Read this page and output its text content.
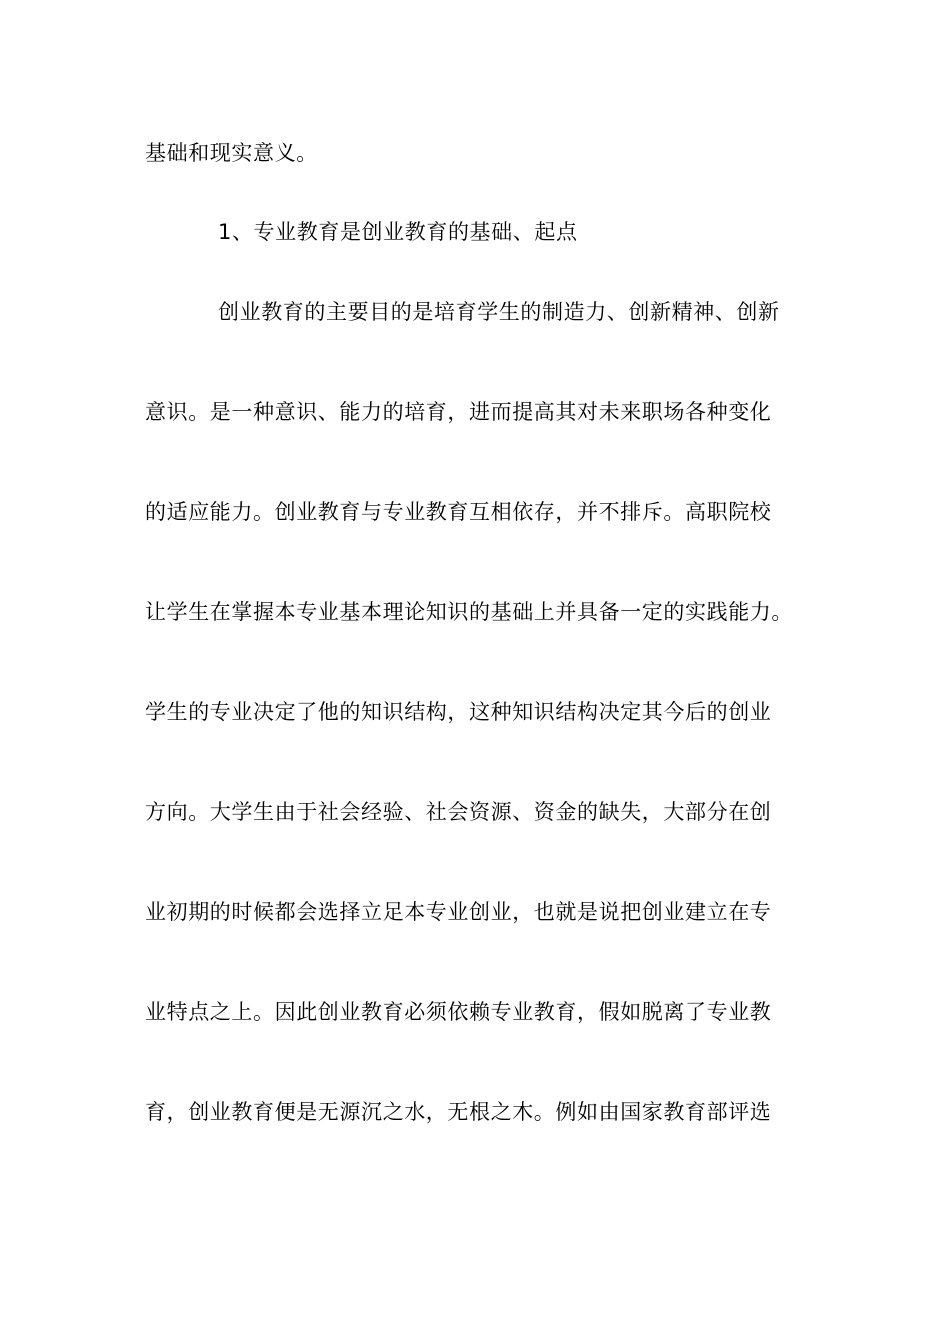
基础和现实意义。
1、专业教育是创业教育的基础、起点
创业教育的主要目的是培育学生的制造力、创新精神、创新
意识。是一种意识、能力的培育，进而提高其对未来职场各种变化
的适应能力。创业教育与专业教育互相依存，并不排斥。高职院校
让学生在掌握本专业基本理论知识的基础上并具备一定的实践能力。
学生的专业决定了他的知识结构，这种知识结构决定其今后的创业
方向。大学生由于社会经验、社会资源、资金的缺失，大部分在创
业初期的时候都会选择立足本专业创业，也就是说把创业建立在专
业特点之上。因此创业教育必须依赖专业教育，假如脱离了专业教
育，创业教育便是无源沉之水，无根之木。例如由国家教育部评选
